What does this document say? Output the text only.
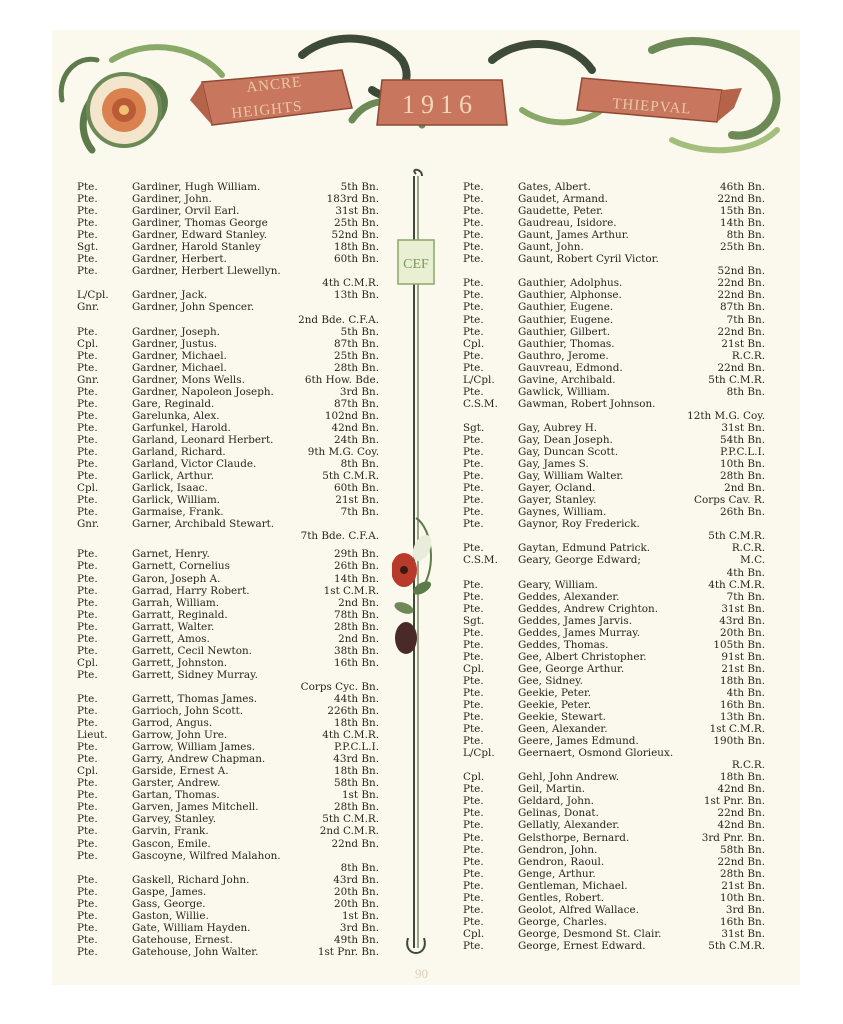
ANCRE
HEIGHTS	1916	THIEPVAL
Pte.	Gardiner, Hugh William.	5th Bn.
Pte.	Gardiner, John.	183rd Bn.
Pte.	Gardiner, Orvil Earl.	31st Bn.
Pte.	Gardiner, Thomas George	25th Bn.
Pte.	Gardner, Edward Stanley.	52nd Bn.
Sgt.	Gardner, Harold Stanley	18th Bn.
Pte.	Gardner, Herbert.	60th Bn.
Pte.	Gardner, Herbert Llewellyn.
4th C.M.R.
L/Cpl.	Gardner, Jack.	13th Bn.
Gnr.	Gardner, John Spencer.
2nd Bde. C.F.A.
Pte.	Gardner, Joseph.	5th Bn.
Cpl.	Gardner, Justus.	87th Bn.
Pte.	Gardner, Michael.	25th Bn.
Pte.	Gardner, Michael.	28th Bn.
Gnr.	Gardner, Mons Wells.	6th How. Bde.
Pte.	Gardner, Napoleon Joseph.	3rd Bn.
Pte.	Gare, Reginald.	87th Bn.
Pte.	Garelunka, Alex.	102nd Bn.
Pte.	Garfunkel, Harold.	42nd Bn.
Pte.	Garland, Leonard Herbert.	24th Bn.
Pte.	Garland, Richard.	9th M.G. Coy.
Pte.	Garland, Victor Claude.	8th Bn.
Pte.	Garlick, Arthur.	5th C.M.R.
Cpl.	Garlick, Isaac.	60th Bn.
Pte.	Garlick, William.	21st Bn.
Pte.	Garmaise, Frank.	7th Bn.
Gnr.	Garner, Archibald Stewart.
7th Bde. C.F.A.
Pte.	Garnet, Henry.	29th Bn.
Pte.	Garnett, Cornelius	26th Bn.
Pte.	Garon, Joseph A.	14th Bn.
Pte.	Garrad, Harry Robert.	1st C.M.R.
Pte.	Garrah, William.	2nd Bn.
Pte.	Garratt, Reginald.	78th Bn.
Pte.	Garratt, Walter.	28th Bn.
Pte.	Garrett, Amos.	2nd Bn.
Pte.	Garrett, Cecil Newton.	38th Bn.
Cpl.	Garrett, Johnston.	16th Bn.
Pte.	Garrett, Sidney Murray.
Corps Cyc. Bn.
Pte.	Garrett, Thomas James.	44th Bn.
Pte.	Garrioch, John Scott.	226th Bn.
Pte.	Garrod, Angus.	18th Bn.
Lieut.	Garrow, John Ure.	4th C.M.R.
Pte.	Garrow, William James.	P.P.C.L.I.
Pte.	Garry, Andrew Chapman.	43rd Bn.
Cpl.	Garside, Ernest A.	18th Bn.
Pte.	Garster, Andrew.	58th Bn.
Pte.	Gartan, Thomas.	1st Bn.
Pte.	Garven, James Mitchell.	28th Bn.
Pte.	Garvey, Stanley.	5th C.M.R.
Pte.	Garvin, Frank.	2nd C.M.R.
Pte.	Gascon, Emile.	22nd Bn.
Pte.	Gascoyne, Wilfred Malahon.
8th Bn.
Pte.	Gaskell, Richard John.	43rd Bn.
Pte.	Gaspe, James.	20th Bn.
Pte.	Gass, George.	20th Bn.
Pte.	Gaston, Willie.	1st Bn.
Pte.	Gate, William Hayden.	3rd Bn.
Pte.	Gatehouse, Ernest.	49th Bn.
Pte.	Gatehouse, John Walter.	1st Pnr. Bn.
Pte.	Gates, Albert.	46th Bn.
Pte.	Gaudet, Armand.	22nd Bn.
Pte.	Gaudette, Peter.	15th Bn.
Pte.	Gaudreau, Isidore.	14th Bn.
Pte.	Gaunt, James Arthur.	8th Bn.
Pte.	Gaunt, John.	25th Bn.
Pte.	Gaunt, Robert Cyril Victor.
52nd Bn.
Pte.	Gauthier, Adolphus.	22nd Bn.
Pte.	Gauthier, Alphonse.	22nd Bn.
Pte.	Gauthier, Eugene.	87th Bn.
Pte.	Gauthier, Eugene.	7th Bn.
Pte.	Gauthier, Gilbert.	22nd Bn.
Cpl.	Gauthier, Thomas.	21st Bn.
Pte.	Gauthro, Jerome.	R.C.R.
Pte.	Gauvreau, Edmond.	22nd Bn.
L/Cpl.	Gavine, Archibald.	5th C.M.R.
Pte.	Gawlick, William.	8th Bn.
C.S.M.	Gawman, Robert Johnson.
12th M.G. Coy.
Sgt.	Gay, Aubrey H.	31st Bn.
Pte.	Gay, Dean Joseph.	54th Bn.
Pte.	Gay, Duncan Scott.	P.P.C.L.I.
Pte.	Gay, James S.	10th Bn.
Pte.	Gay, William Walter.	28th Bn.
Pte.	Gayer, Ocland.	2nd Bn.
Pte.	Gayer, Stanley.	Corps Cav. R.
Pte.	Gaynes, William.	26th Bn.
Pte.	Gaynor, Roy Frederick.
5th C.M.R.
Pte.	Gaytan, Edmund Patrick.	R.C.R.
C.S.M.	Geary, George Edward;	M.C.
4th Bn.
Pte.	Geary, William.	4th C.M.R.
Pte.	Geddes, Alexander.	7th Bn.
Pte.	Geddes, Andrew Crighton.	31st Bn.
Sgt.	Geddes, James Jarvis.	43rd Bn.
Pte.	Geddes, James Murray.	20th Bn.
Pte.	Geddes, Thomas.	105th Bn.
Pte.	Gee, Albert Christopher.	91st Bn.
Cpl.	Gee, George Arthur.	21st Bn.
Pte.	Gee, Sidney.	18th Bn.
Pte.	Geekie, Peter.	4th Bn.
Pte.	Geekie, Peter.	16th Bn.
Pte.	Geekie, Stewart.	13th Bn.
Pte.	Geen, Alexander.	1st C.M.R.
Pte.	Geere, James Edmund.	190th Bn.
L/Cpl.	Geernaert, Osmond Glorieux.
R.C.R.
Cpl.	Gehl, John Andrew.	18th Bn.
Pte.	Geil, Martin.	42nd Bn.
Pte.	Geldard, John.	1st Pnr. Bn.
Pte.	Gelinas, Donat.	22nd Bn.
Pte.	Gellatly, Alexander.	42nd Bn.
Pte.	Gelsthorpe, Bernard.	3rd Pnr. Bn.
Pte.	Gendron, John.	58th Bn.
Pte.	Gendron, Raoul.	22nd Bn.
Pte.	Genge, Arthur.	28th Bn.
Pte.	Gentleman, Michael.	21st Bn.
Pte.	Gentles, Robert.	10th Bn.
Pte.	Geolot, Alfred Wallace.	3rd Bn.
Pte.	George, Charles.	16th Bn.
Cpl.	George, Desmond St. Clair.	31st Bn.
Pte.	George, Ernest Edward.	5th C.M.R.
CEF
90
